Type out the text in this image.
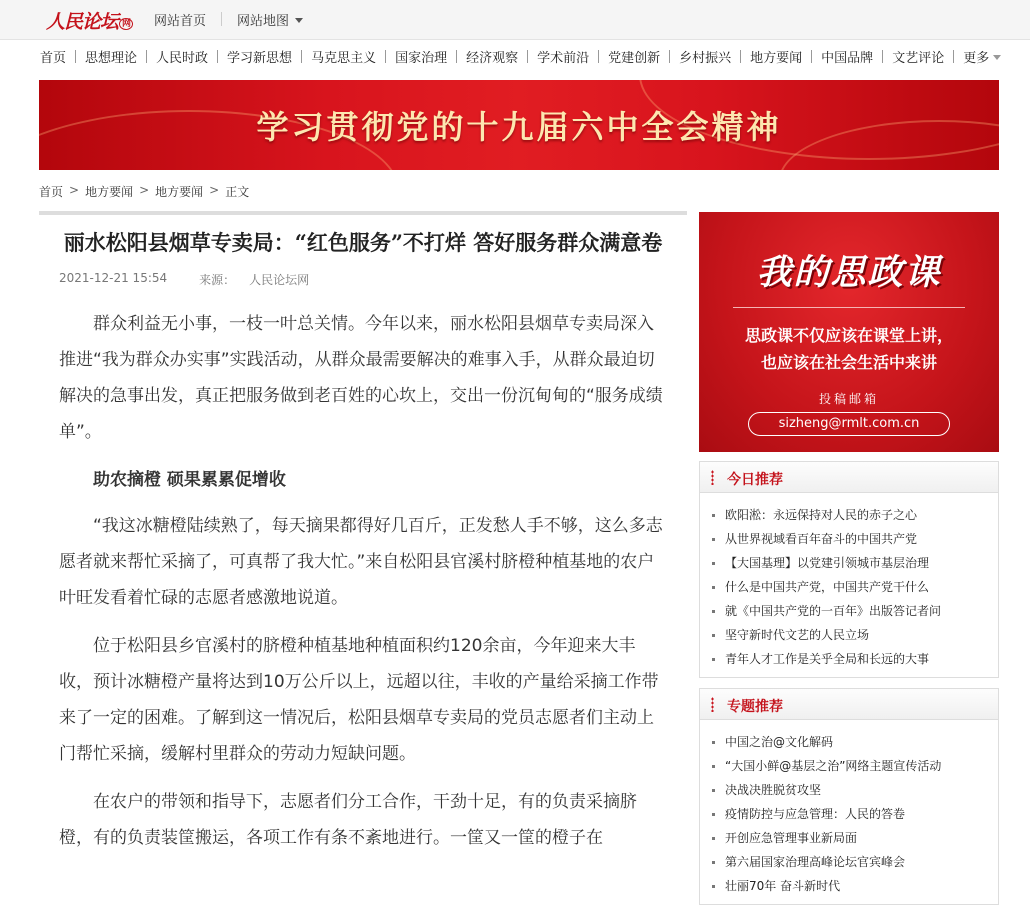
人民论坛 网 网站首页 网站地图
首页 思想理论 人民时政 学习新思想 马克思主义 国家治理 经济观察 学术前沿 党建创新 乡村振兴 地方要闻 中国品牌 文艺评论 更多
学习贯彻党的十九届六中全会精神
首页 > 地方要闻 > 地方要闻 > 正文
丽水松阳县烟草专卖局：“红色服务”不打烊 答好服务群众满意卷
2021-12-21 15:54	来源： 人民论坛网

群众利益无小事，一枝一叶总关情。今年以来，丽水松阳县烟草专卖局深入推进“我为群众办实事”实践活动，从群众最需要解决的难事入手，从群众最迫切解决的急事出发，真正把服务做到老百姓的心坎上，交出一份沉甸甸的“服务成绩单”。

助农摘橙 硕果累累促增收

“我这冰糖橙陆续熟了，每天摘果都得好几百斤，正发愁人手不够，这么多志愿者就来帮忙采摘了，可真帮了我大忙。”来自松阳县官溪村脐橙种植基地的农户叶旺发看着忙碌的志愿者感激地说道。

位于松阳县乡官溪村的脐橙种植基地种植面积约120余亩，今年迎来大丰收，预计冰糖橙产量将达到10万公斤以上，远超以往，丰收的产量给采摘工作带来了一定的困难。了解到这一情况后，松阳县烟草专卖局的党员志愿者们主动上门帮忙采摘，缓解村里群众的劳动力短缺问题。

在农户的带领和指导下，志愿者们分工合作，干劲十足，有的负责采摘脐橙，有的负责装筐搬运，各项工作有条不紊地进行。一筐又一筐的橙子在

我的思政课
思政课不仅应该在课堂上讲，
也应该在社会生活中来讲
投稿邮箱
sizheng@rmlt.com.cn
今日推荐
欧阳淞：永远保持对人民的赤子之心
从世界视域看百年奋斗的中国共产党
【大国基理】以党建引领城市基层治理
什么是中国共产党，中国共产党干什么
就《中国共产党的一百年》出版答记者问
坚守新时代文艺的人民立场
青年人才工作是关乎全局和长远的大事
专题推荐
中国之治@文化解码
“大国小鲜@基层之治”网络主题宣传活动
决战决胜脱贫攻坚
疫情防控与应急管理：人民的答卷
开创应急管理事业新局面
第六届国家治理高峰论坛官宾峰会
壮丽70年 奋斗新时代
